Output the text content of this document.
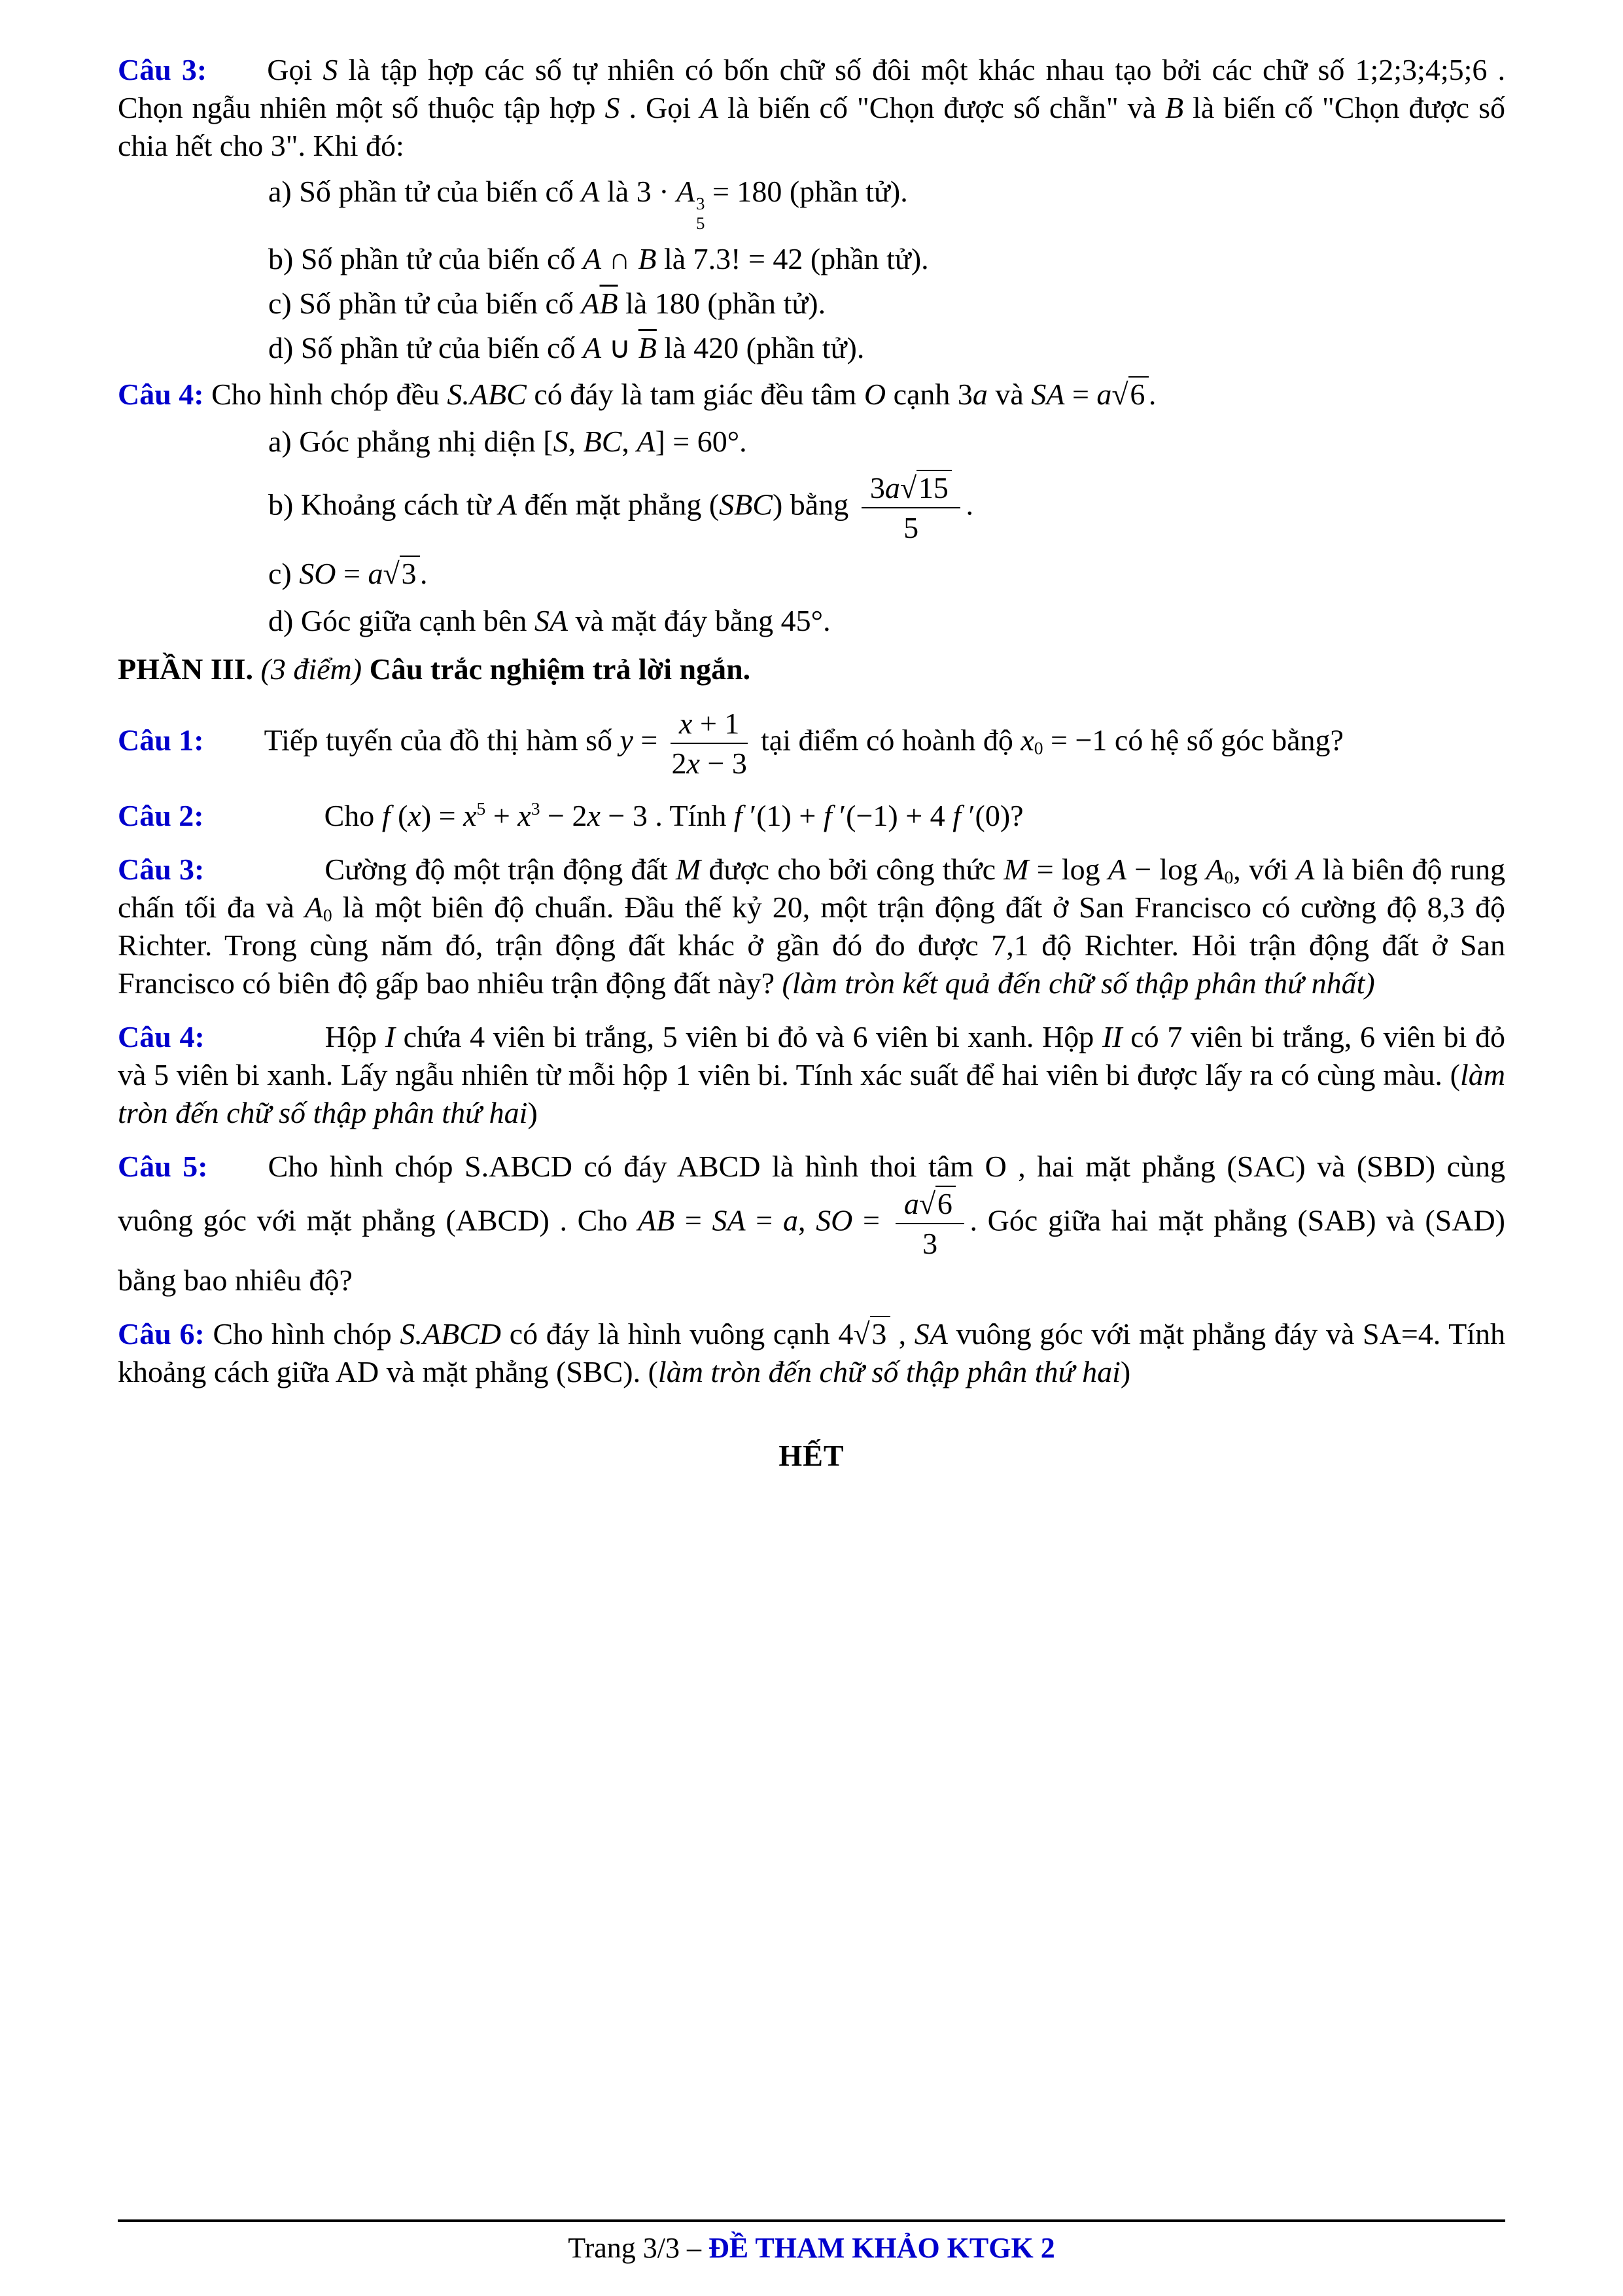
Câu 3: Gọi S là tập hợp các số tự nhiên có bốn chữ số đôi một khác nhau tạo bởi các chữ số 1;2;3;4;5;6 . Chọn ngẫu nhiên một số thuộc tập hợp S . Gọi A là biến cố "Chọn được số chẵn" và B là biến cố "Chọn được số chia hết cho 3". Khi đó:

a) Số phần tử của biến cố A là 3 · A 3
5
= 180 (phần tử).

b) Số phần tử của biến cố A ∩ B là 7.3! = 42 (phần tử).

c) Số phần tử của biến cố $A\overline{B}$ là 180 (phần tử).

d) Số phần tử của biến cố A ∪ $\overline{B}$ là 420 (phần tử).

Câu 4: Cho hình chóp đều S.ABC có đáy là tam giác đều tâm O cạnh 3a và SA = a√6 .

a) Góc phẳng nhị diện [S, BC, A] = 60°.

b) Khoảng cách từ A đến mặt phẳng (SBC) bằng $\frac{3a√15}{5}$ .

c) SO = a√3 .

d) Góc giữa cạnh bên SA và mặt đáy bằng 45°.

PHẦN III. (3 điểm) Câu trắc nghiệm trả lời ngắn.

Câu 1: Tiếp tuyến của đồ thị hàm số $y = \frac{x + 1}{2x - 3}$ tại điểm có hoành độ x0 = −1 có hệ số góc bằng?

Câu 2:	Cho f $(x) = x^5 + x^3 - 2x - 3$ . Tính f ′(1) + f ′(−1) + 4 f ′(0)?

Câu 3:	Cường độ một trận động đất M được cho bởi công thức M = log A − log A0, với A là biên độ rung chấn tối đa và A0 là một biên độ chuẩn. Đầu thế kỷ 20, một trận động đất ở San Francisco có cường độ 8,3 độ Richter. Trong cùng năm đó, trận động đất khác ở gần đó đo được 7,1 độ Richter. Hỏi trận động đất ở San Francisco có biên độ gấp bao nhiêu trận động đất này? (làm tròn kết quả đến chữ số thập phân thứ nhất)

Câu 4:	Hộp I chứa 4 viên bi trắng, 5 viên bi đỏ và 6 viên bi xanh. Hộp II có 7 viên bi trắng, 6 viên bi đỏ và 5 viên bi xanh. Lấy ngẫu nhiên từ mỗi hộp 1 viên bi. Tính xác suất để hai viên bi được lấy ra có cùng màu. (làm tròn đến chữ số thập phân thứ hai)

Câu 5: Cho hình chóp S.ABCD có đáy ABCD là hình thoi tâm O , hai mặt phẳng (SAC) và (SBD) cùng vuông góc với mặt phẳng (ABCD) . Cho AB = SA = a, SO = $\frac{a√6}{3}$ . Góc giữa hai mặt phẳng (SAB) và (SAD) bằng bao nhiêu độ?

Câu 6: Cho hình chóp S.ABCD có đáy là hình vuông cạnh 4√3 , SA vuông góc với mặt phẳng đáy và SA=4. Tính khoảng cách giữa AD và mặt phẳng (SBC). (làm tròn đến chữ số thập phân thứ hai)

HẾT

Trang 3/3 – ĐỀ THAM KHẢO KTGK 2
